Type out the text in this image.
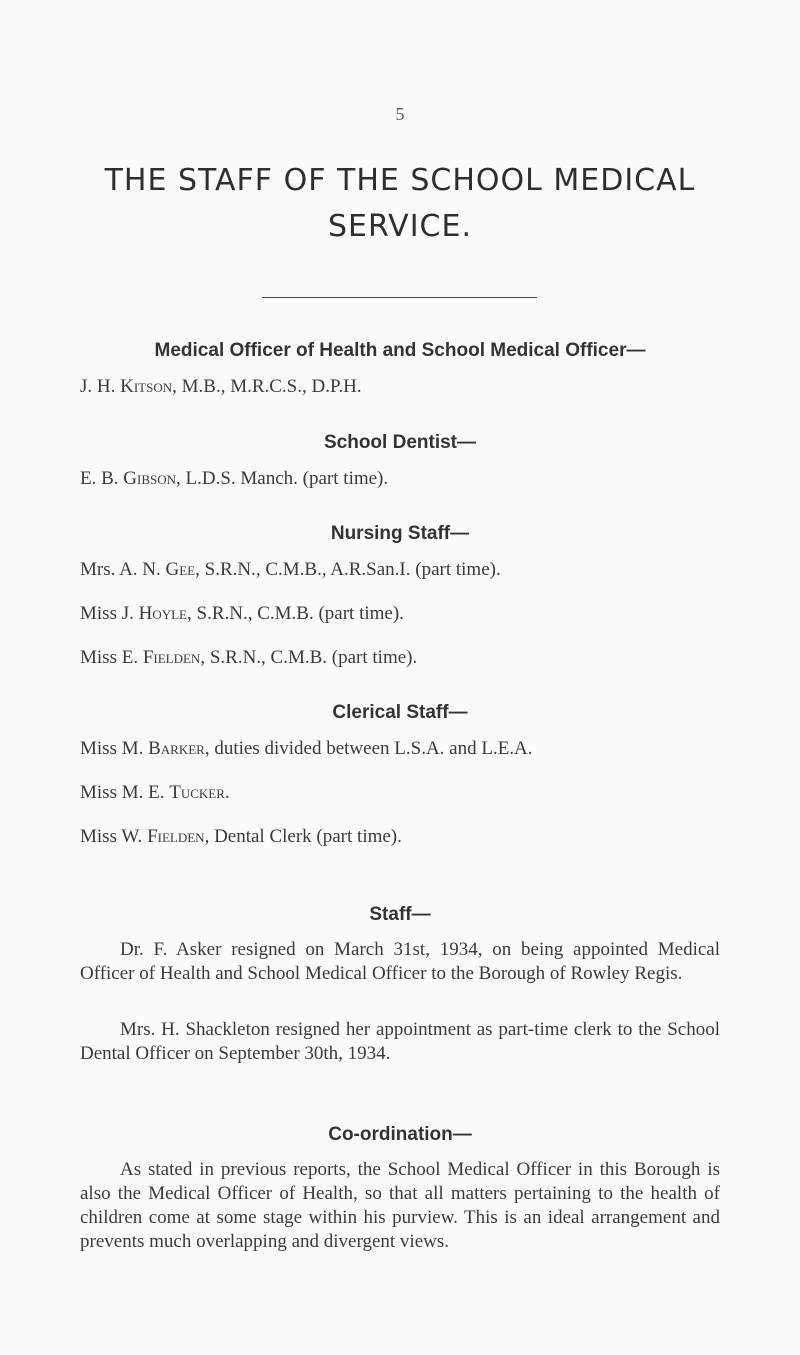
5
THE STAFF OF THE SCHOOL MEDICAL SERVICE.
Medical Officer of Health and School Medical Officer—
J. H. Kitson, M.B., M.R.C.S., D.P.H.
School Dentist—
E. B. Gibson, L.D.S. Manch. (part time).
Nursing Staff—
Mrs. A. N. Gee, S.R.N., C.M.B., A.R.San.I. (part time).
Miss J. Hoyle, S.R.N., C.M.B. (part time).
Miss E. Fielden, S.R.N., C.M.B. (part time).
Clerical Staff—
Miss M. Barker, duties divided between L.S.A. and L.E.A.
Miss M. E. Tucker.
Miss W. Fielden, Dental Clerk (part time).
Staff—
Dr. F. Asker resigned on March 31st, 1934, on being appointed Medical Officer of Health and School Medical Officer to the Borough of Rowley Regis.
Mrs. H. Shackleton resigned her appointment as part-time clerk to the School Dental Officer on September 30th, 1934.
Co-ordination—
As stated in previous reports, the School Medical Officer in this Borough is also the Medical Officer of Health, so that all matters pertaining to the health of children come at some stage within his purview. This is an ideal arrangement and prevents much overlapping and divergent views.
